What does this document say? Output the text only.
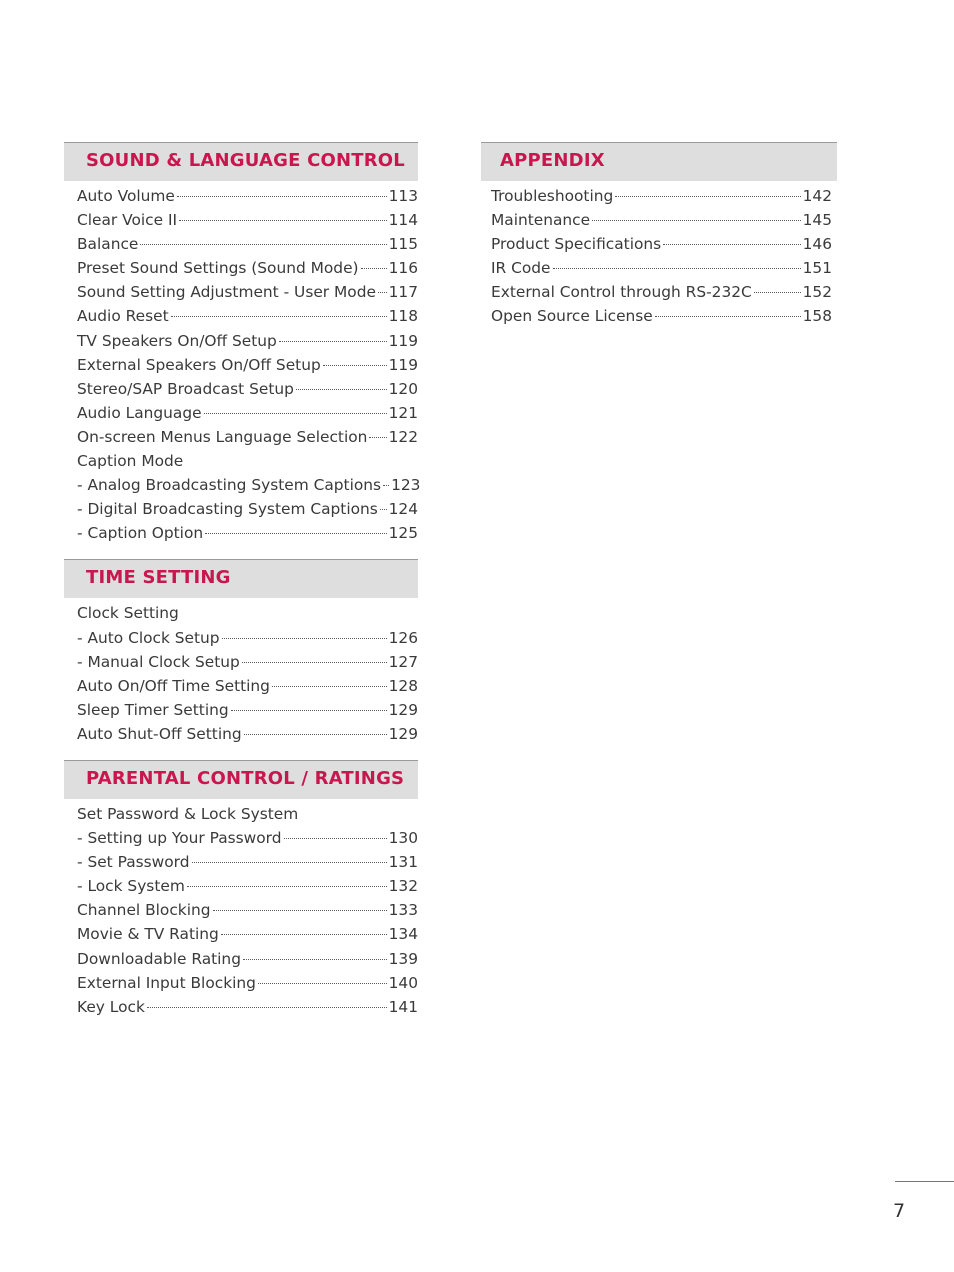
SOUND & LANGUAGE CONTROL
Auto Volume	113
Clear Voice II	114
Balance	115
Preset Sound Settings (Sound Mode) 116
Sound Setting Adjustment - User Mode 117
Audio Reset	118
TV Speakers On/Off Setup	119
External Speakers On/Off Setup	119
Stereo/SAP Broadcast Setup	120
Audio Language	121
On-screen Menus Language Selection 122
Caption Mode
- Analog Broadcasting System Captions 123
- Digital Broadcasting System Captions 124
- Caption Option	125
TIME SETTING
Clock Setting
- Auto Clock Setup	126
- Manual Clock Setup	127
Auto On/Off Time Setting	128
Sleep Timer Setting	129
Auto Shut-Off Setting	129
PARENTAL CONTROL / RATINGS
Set Password & Lock System
- Setting up Your Password	130
- Set Password	131
- Lock System	132
Channel Blocking	133
Movie & TV Rating	134
Downloadable Rating	139
External Input Blocking	140
Key Lock	141
APPENDIX
Troubleshooting	142
Maintenance	145
Product Specifications	146
IR Code	151
External Control through RS-232C	152
Open Source License	158
7
